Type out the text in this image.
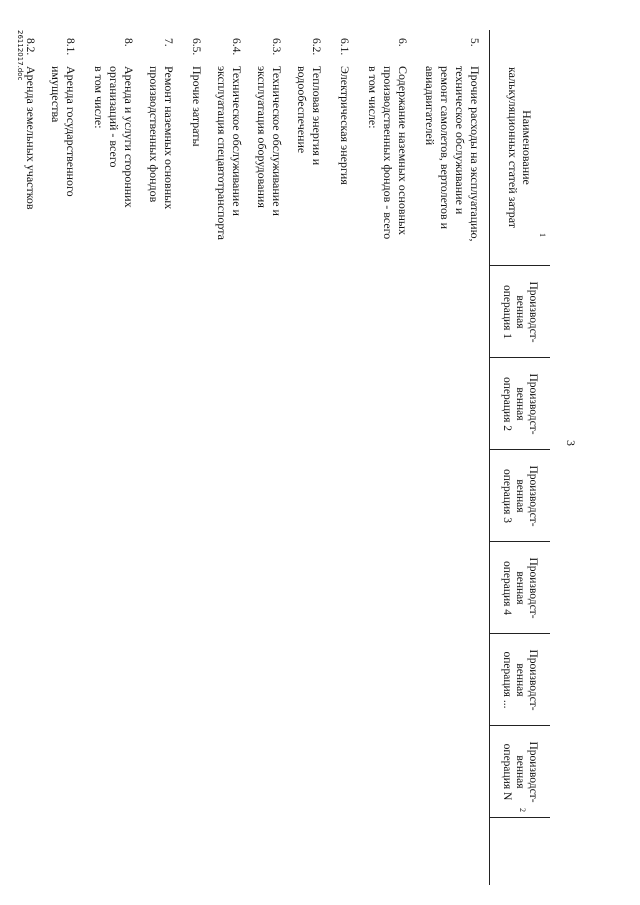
3
Наименование
калькуляционных статей затрат
Производст-
венная
операция 1
Производст-
венная
операция 2
Производст-
венная
операция 3
Производст-
венная
операция 4
Производст-
венная
операция ...
Производст-
венная
операция N
1
2
5.
Прочие расходы на эксплуатацию,
техническое обслуживание и
ремонт самолетов, вертолетов и
авиадвигателей
6.
Содержание наземных основных
производственных фондов - всего
в том числе:
6.1.
Электрическая энергия
6.2.
Тепловая энергия и
водообеспечение
6.3.
Техническое обслуживание и
эксплуатация оборудования
6.4.
Техническое обслуживание и
эксплуатация спецавтотранспорта
6.5.
Прочие затраты
7.
Ремонт наземных основных
производственных фондов
8.
Аренда и услуги сторонних
организаций - всего
в том числе:
8.1.
Аренда государственного
имущества
8.2.
Аренда земельных участков
26112017.doc
